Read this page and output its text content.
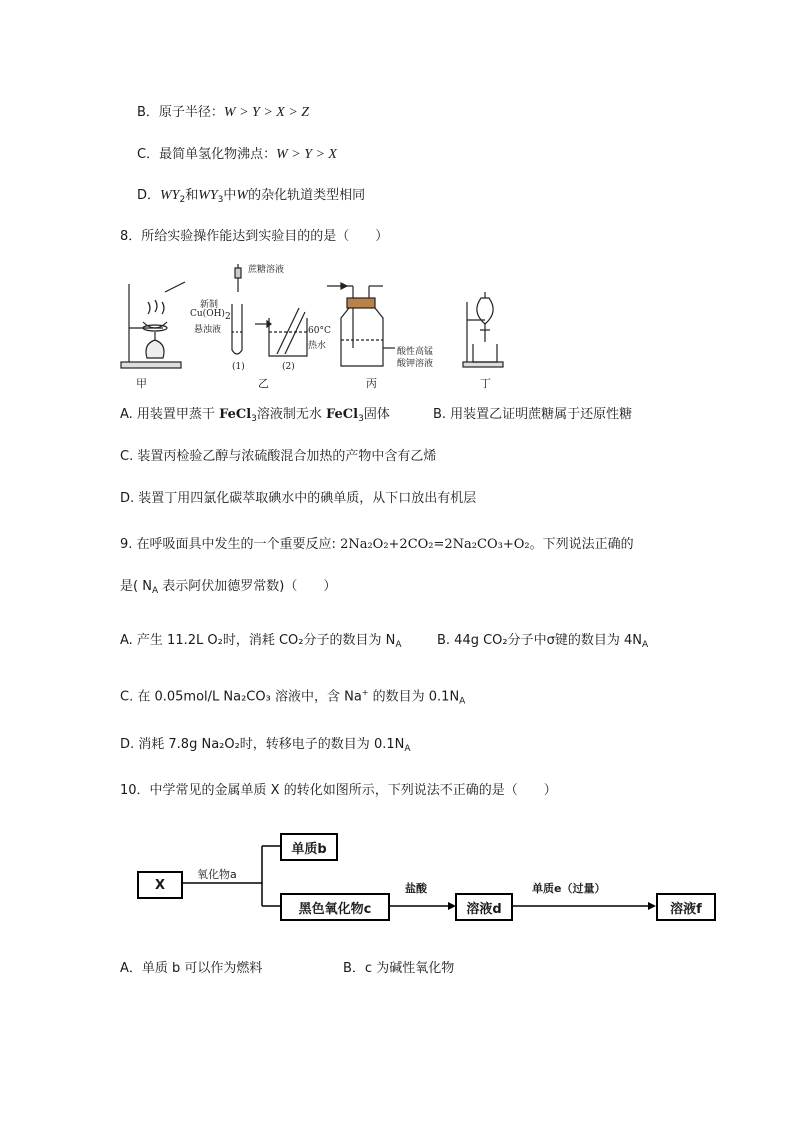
B．原子半径：W > Y > X > Z
C．最简单氢化物沸点：W > Y > X
D．$WY_2$和$WY_3$中W的杂化轨道类型相同
8．所给实验操作能达到实验目的的是（　　）
甲
蔗糖溶液
新制
$Cu(OH)_2$
悬浊液
(1)	(2)
乙
60°C
热水
酸性高锰
酸钾溶液
丙	丁
A. 用装置甲蒸干 FeCl$_3$溶液制无水 FeCl$_3$固体	B. 用装置乙证明蔗糖属于还原性糖
C. 装置丙检验乙醇与浓硫酸混合加热的产物中含有乙烯
D. 装置丁用四氯化碳萃取碘水中的碘单质，从下口放出有机层
9. 在呼吸面具中发生的一个重要反应: 2Na₂O₂+2CO₂=2Na₂CO₃+O₂。下列说法正确的
是( $N_A$ 表示阿伏加德罗常数)（　　）
A. 产生 11.2L O₂时，消耗 CO₂分子的数目为 $N_A$	B. 44g CO₂分子中σ键的数目为 $4N_A$
C. 在 0.05mol/L Na₂CO₃ 溶液中，含 Na+ 的数目为 $0.1N_A$
D. 消耗 7.8g Na₂O₂时，转移电子的数目为 $0.1N_A$
10．中学常见的金属单质 X 的转化如图所示，下列说法不正确的是（　　）
X
氧化物a
单质b
黑色氧化物c
盐酸
溶液d
单质e（过量）
溶液f
A．单质 b 可以作为燃料	B．c 为碱性氧化物
